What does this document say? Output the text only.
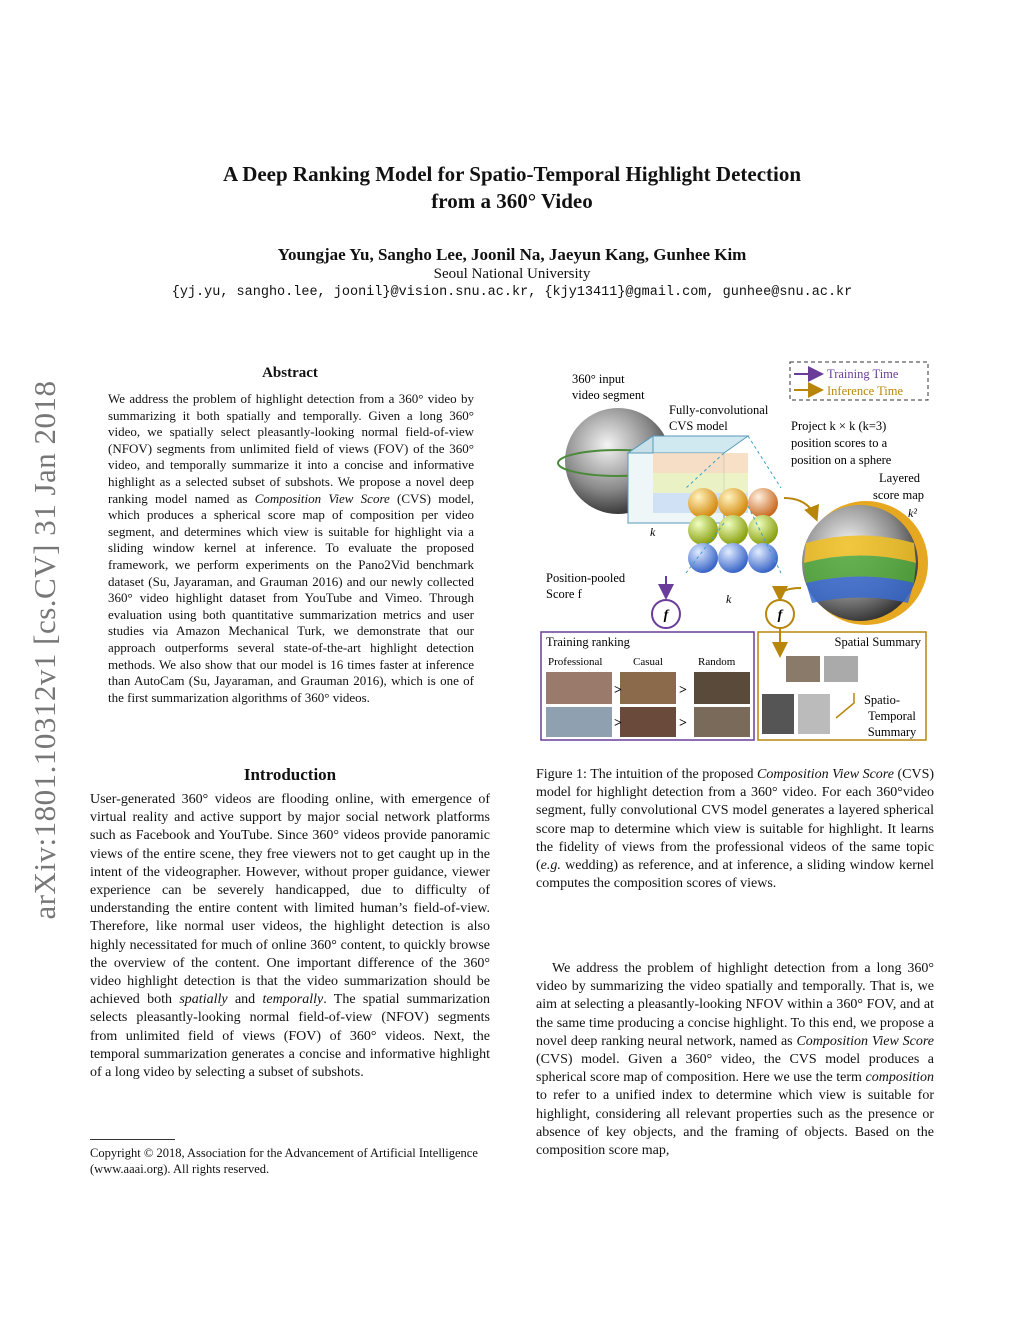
arXiv:1801.10312v1 [cs.CV] 31 Jan 2018
A Deep Ranking Model for Spatio-Temporal Highlight Detection
from a 360° Video
Youngjae Yu, Sangho Lee, Joonil Na, Jaeyun Kang, Gunhee Kim
Seoul National University
{yj.yu, sangho.lee, joonil}@vision.snu.ac.kr, {kjy13411}@gmail.com, gunhee@snu.ac.kr
Abstract

We address the problem of highlight detection from a 360° video by summarizing it both spatially and temporally. Given a long 360° video, we spatially select pleasantly-looking normal field-of-view (NFOV) segments from unlimited field of views (FOV) of the 360° video, and temporally summarize it into a concise and informative highlight as a selected subset of subshots. We propose a novel deep ranking model named as Composition View Score (CVS) model, which produces a spherical score map of composition per video segment, and determines which view is suitable for highlight via a sliding window kernel at inference. To evaluate the proposed framework, we perform experiments on the Pano2Vid benchmark dataset (Su, Jayaraman, and Grauman 2016) and our newly collected 360° video highlight dataset from YouTube and Vimeo. Through evaluation using both quantitative summarization metrics and user studies via Amazon Mechanical Turk, we demonstrate that our approach outperforms several state-of-the-art highlight detection methods. We also show that our model is 16 times faster at inference than AutoCam (Su, Jayaraman, and Grauman 2016), which is one of the first summarization algorithms of 360° videos.

Introduction

User-generated 360° videos are flooding online, with emergence of virtual reality and active support by major social network platforms such as Facebook and YouTube. Since 360° videos provide panoramic views of the entire scene, they free viewers not to get caught up in the intent of the videographer. However, without proper guidance, viewer experience can be severely handicapped, due to difficulty of understanding the entire content with limited human’s field-of-view. Therefore, like normal user videos, the highlight detection is also highly necessitated for much of online 360° content, to quickly browse the overview of the content. One important difference of the 360° video highlight detection is that the video summarization should be achieved both spatially and temporally. The spatial summarization selects pleasantly-looking normal field-of-view (NFOV) segments from unlimited field of views (FOV) of 360° videos. Next, the temporal summarization generates a concise and informative highlight of a long video by selecting a subset of subshots.

Copyright © 2018, Association for the Advancement of Artificial Intelligence (www.aaai.org). All rights reserved.
360° input
video segment
Fully-convolutional
CVS model
k
k
Training Time
Inference Time
Project k × k (k=3)
position scores to a
position on a sphere
Layered
score map
k²
Position-pooled
Score f
f	f
Training ranking
Professional	Casual	Random
>
>
>
>
Spatial Summary
Spatio-
Temporal
Summary

Figure 1: The intuition of the proposed Composition View Score (CVS) model for highlight detection from a 360° video. For each 360°video segment, fully convolutional CVS model generates a layered spherical score map to determine which view is suitable for highlight. It learns the fidelity of views from the professional videos of the same topic (e.g. wedding) as reference, and at inference, a sliding window kernel computes the composition scores of views.

We address the problem of highlight detection from a long 360° video by summarizing the video spatially and temporally. That is, we aim at selecting a pleasantly-looking NFOV within a 360° FOV, and at the same time producing a concise highlight. To this end, we propose a novel deep ranking neural network, named as Composition View Score (CVS) model. Given a 360° video, the CVS model produces a spherical score map of composition. Here we use the term composition to refer to a unified index to determine which view is suitable for highlight, considering all relevant properties such as the presence or absence of key objects, and the framing of objects. Based on the composition score map,
